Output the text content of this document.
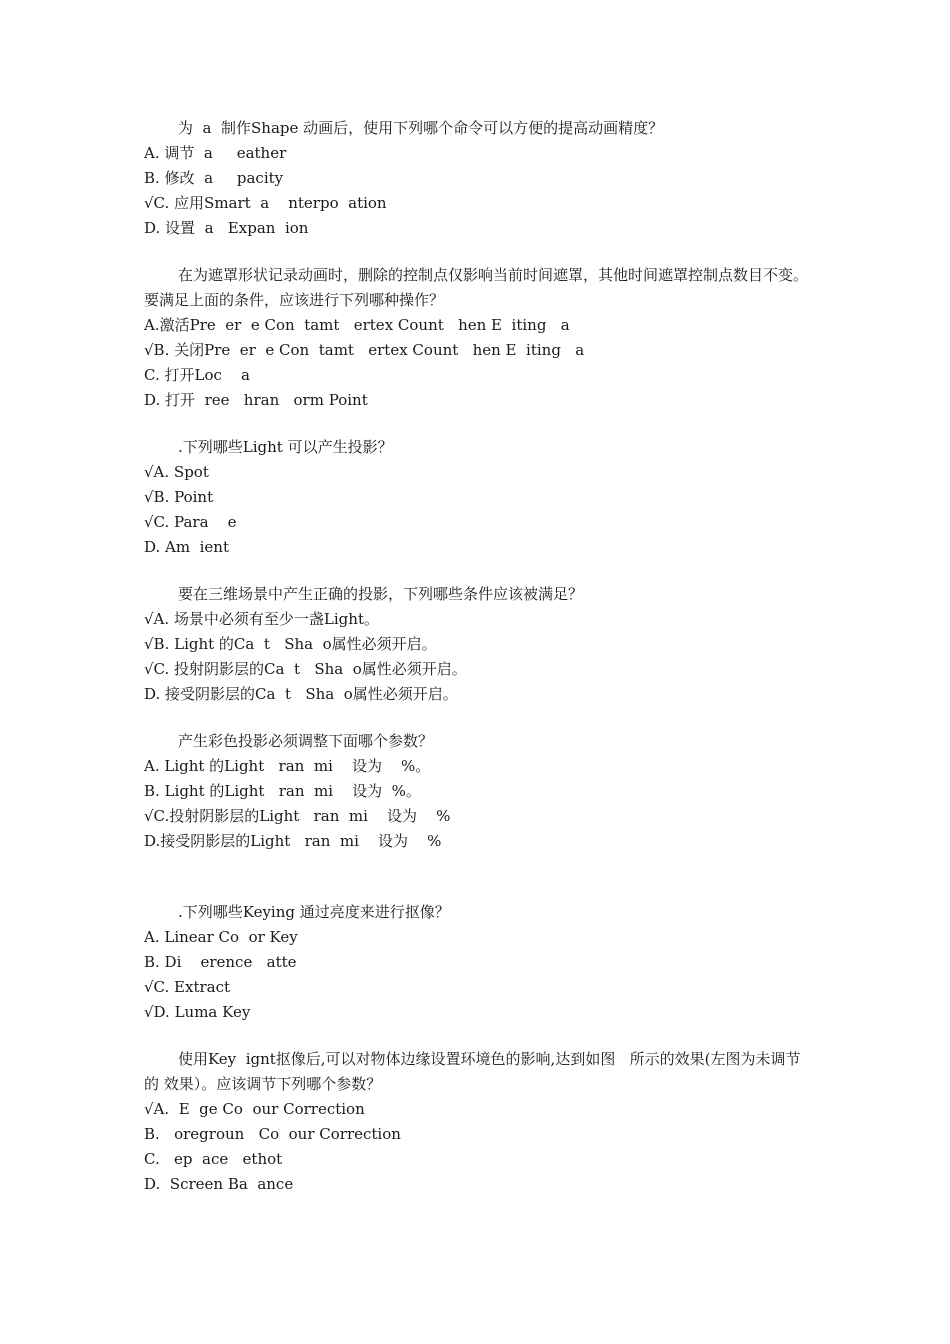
为  a  制作Shape 动画后，使用下列哪个命令可以方便的提高动画精度？

A. 调节  a     eather

B. 修改  a     pacity

√C. 应用Smart  a    nterpo  ation

D. 设置  a   Expan  ion

在为遮罩形状记录动画时，删除的控制点仅影响当前时间遮罩，其他时间遮罩控制点数目不变。要满足上面的条件，应该进行下列哪种操作？

A.激活Pre  er  e Con  tamt   ertex Count   hen E  iting   a

√B. 关闭Pre  er  e Con  tamt   ertex Count   hen E  iting   a

C. 打开Loc    a

D. 打开  ree   hran   orm Point

.下列哪些Light 可以产生投影？

√A. Spot

√B. Point

√C. Para    e

D. Am  ient

要在三维场景中产生正确的投影，下列哪些条件应该被满足？

√A. 场景中必须有至少一盏Light。

√B. Light 的Ca  t   Sha  o属性必须开启。

√C. 投射阴影层的Ca  t   Sha  o属性必须开启。

D. 接受阴影层的Ca  t   Sha  o属性必须开启。

产生彩色投影必须调整下面哪个参数？

A. Light 的Light   ran  mi    设为    %。

B. Light 的Light   ran  mi    设为  %。

√C.投射阴影层的Light   ran  mi    设为    %

D.接受阴影层的Light   ran  mi    设为    %

.下列哪些Keying 通过亮度来进行抠像？

A. Linear Co  or Key

B. Di    erence   atte

√C. Extract

√D. Luma Key

使用Key  ignt抠像后,可以对物体边缘设置环境色的影响,达到如图   所示的效果(左图为未调节的 效果）。应该调节下列哪个参数？

√A.  E  ge Co  our Correction

B.   oregroun   Co  our Correction

C.   ep  ace   ethot

D.  Screen Ba  ance
